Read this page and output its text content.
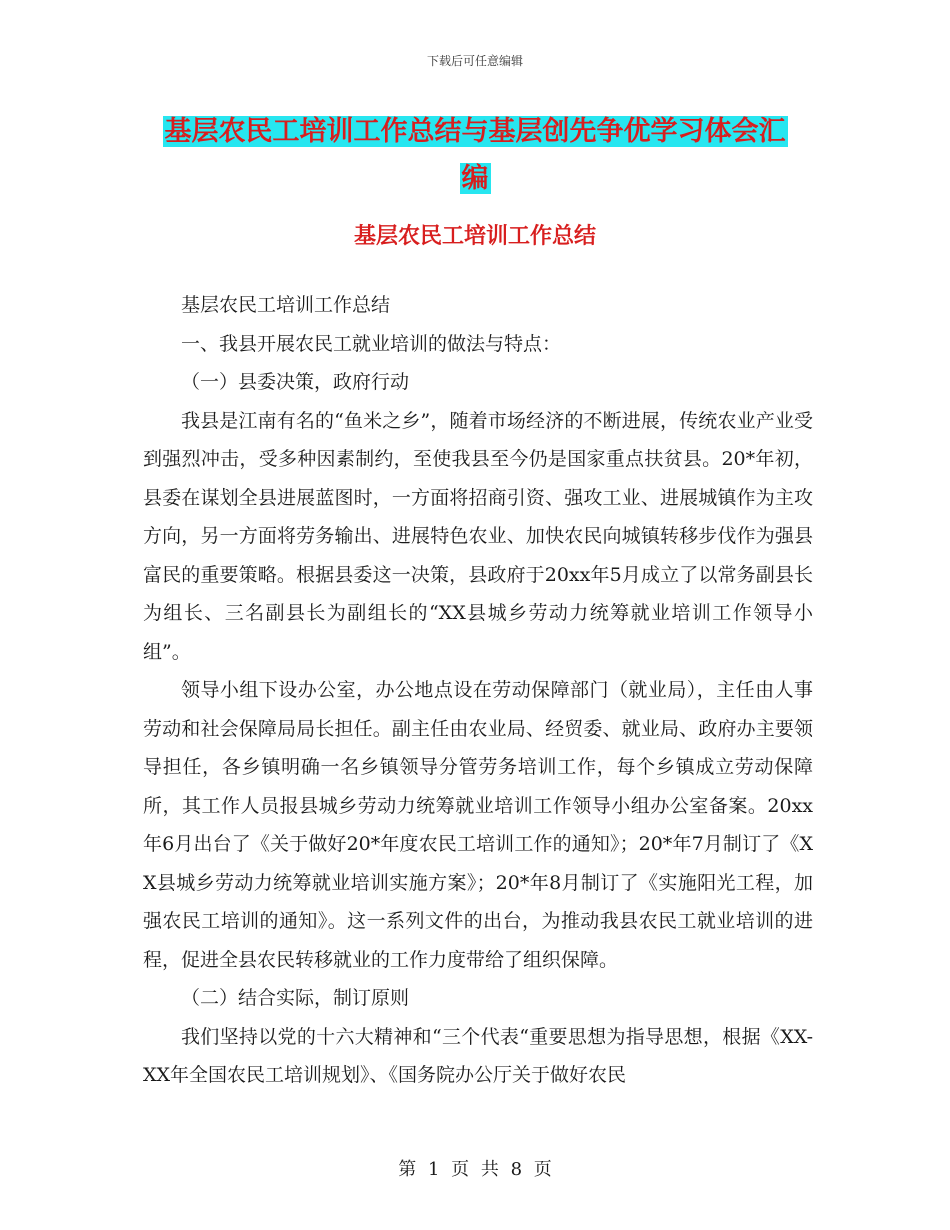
下载后可任意编辑
基层农民工培训工作总结与基层创先争优学习体会汇
编
基层农民工培训工作总结

基层农民工培训工作总结

一、我县开展农民工就业培训的做法与特点：

（一）县委决策，政府行动

我县是江南有名的“鱼米之乡”，随着市场经济的不断进展，传统农业产业受到强烈冲击，受多种因素制约，至使我县至今仍是国家重点扶贫县。20*年初，县委在谋划全县进展蓝图时，一方面将招商引资、强攻工业、进展城镇作为主攻方向，另一方面将劳务输出、进展特色农业、加快农民向城镇转移步伐作为强县富民的重要策略。根据县委这一决策，县政府于20xx年5月成立了以常务副县长为组长、三名副县长为副组长的“XX县城乡劳动力统筹就业培训工作领导小组”。

领导小组下设办公室，办公地点设在劳动保障部门（就业局），主任由人事劳动和社会保障局局长担任。副主任由农业局、经贸委、就业局、政府办主要领导担任，各乡镇明确一名乡镇领导分管劳务培训工作，每个乡镇成立劳动保障所，其工作人员报县城乡劳动力统筹就业培训工作领导小组办公室备案。20xx年6月出台了《关于做好20*年度农民工培训工作的通知》；20*年7月制订了《XX县城乡劳动力统筹就业培训实施方案》；20*年8月制订了《实施阳光工程，加强农民工培训的通知》。这一系列文件的出台，为推动我县农民工就业培训的进程，促进全县农民转移就业的工作力度带给了组织保障。

（二）结合实际，制订原则

我们坚持以党的十六大精神和“三个代表“重要思想为指导思想，根据《XX-XX年全国农民工培训规划》、《国务院办公厅关于做好农民

第 1 页 共 8 页
